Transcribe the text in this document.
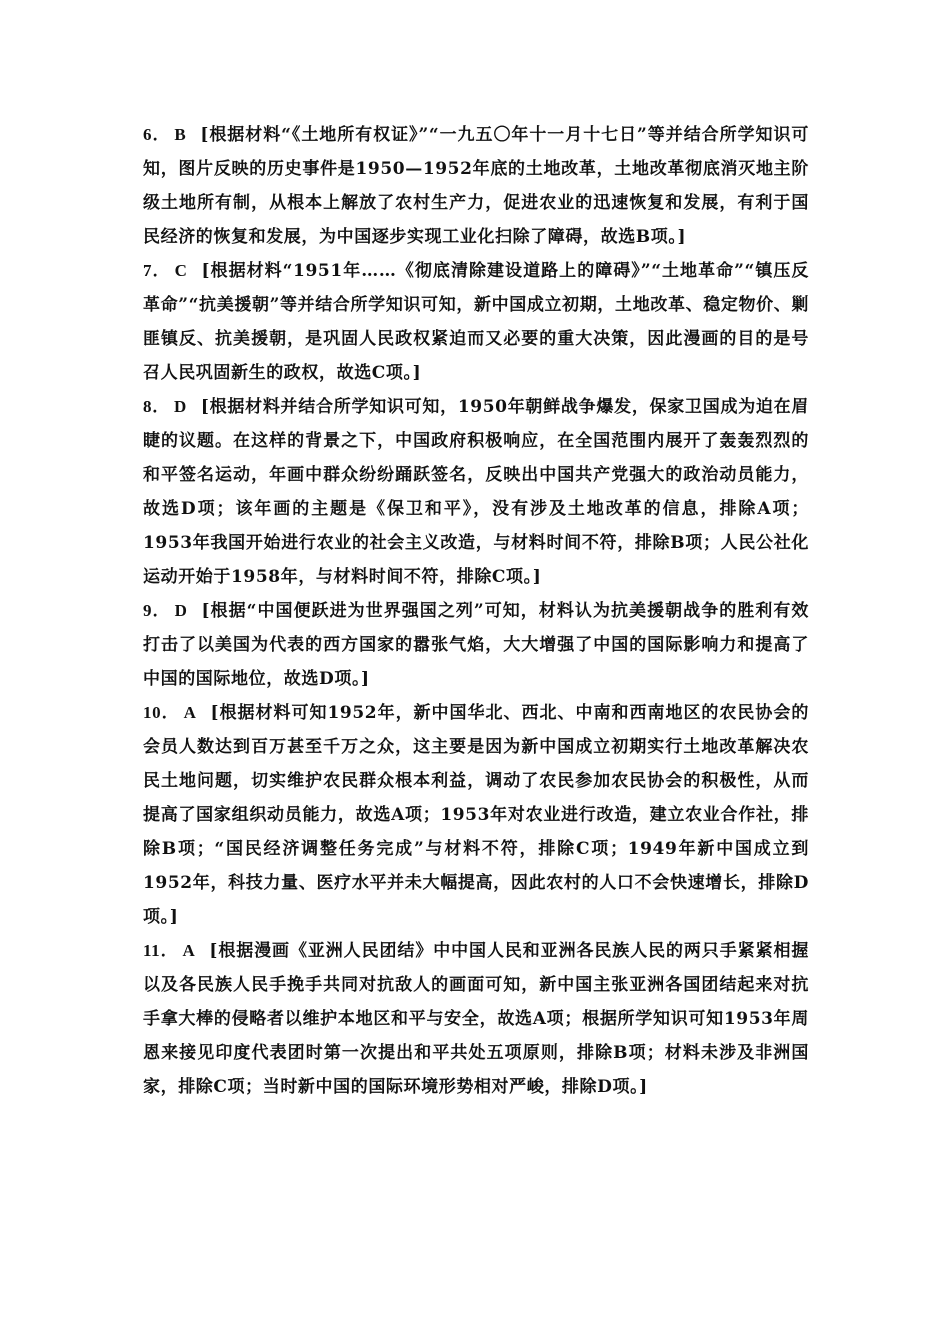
6． B [根据材料“《土地所有权证》”“一九五〇年十一月十七日”等并结合所学知识可知，图片反映的历史事件是1950—1952年底的土地改革，土地改革彻底消灭地主阶级土地所有制，从根本上解放了农村生产力，促进农业的迅速恢复和发展，有利于国民经济的恢复和发展，为中国逐步实现工业化扫除了障碍，故选B项。]

7． C [根据材料“1951年……《彻底清除建设道路上的障碍》”“土地革命”“镇压反革命”“抗美援朝”等并结合所学知识可知，新中国成立初期，土地改革、稳定物价、剿匪镇反、抗美援朝，是巩固人民政权紧迫而又必要的重大决策，因此漫画的目的是号召人民巩固新生的政权，故选C项。]

8． D [根据材料并结合所学知识可知，1950年朝鲜战争爆发，保家卫国成为迫在眉睫的议题。在这样的背景之下，中国政府积极响应，在全国范围内展开了轰轰烈烈的和平签名运动，年画中群众纷纷踊跃签名，反映出中国共产党强大的政治动员能力，故选D项；该年画的主题是《保卫和平》，没有涉及土地改革的信息，排除A项；1953年我国开始进行农业的社会主义改造，与材料时间不符，排除B项；人民公社化运动开始于1958年，与材料时间不符，排除C项。]

9． D [根据“中国便跃进为世界强国之列”可知，材料认为抗美援朝战争的胜利有效打击了以美国为代表的西方国家的嚣张气焰，大大增强了中国的国际影响力和提高了中国的国际地位，故选D项。]

10． A [根据材料可知1952年，新中国华北、西北、中南和西南地区的农民协会的会员人数达到百万甚至千万之众，这主要是因为新中国成立初期实行土地改革解决农民土地问题，切实维护农民群众根本利益，调动了农民参加农民协会的积极性，从而提高了国家组织动员能力，故选A项；1953年对农业进行改造，建立农业合作社，排除B项；“国民经济调整任务完成”与材料不符，排除C项；1949年新中国成立到1952年，科技力量、医疗水平并未大幅提高，因此农村的人口不会快速增长，排除D项。]

11． A [根据漫画《亚洲人民团结》中中国人民和亚洲各民族人民的两只手紧紧相握以及各民族人民手挽手共同对抗敌人的画面可知，新中国主张亚洲各国团结起来对抗手拿大棒的侵略者以维护本地区和平与安全，故选A项；根据所学知识可知1953年周恩来接见印度代表团时第一次提出和平共处五项原则，排除B项；材料未涉及非洲国家，排除C项；当时新中国的国际环境形势相对严峻，排除D项。]
